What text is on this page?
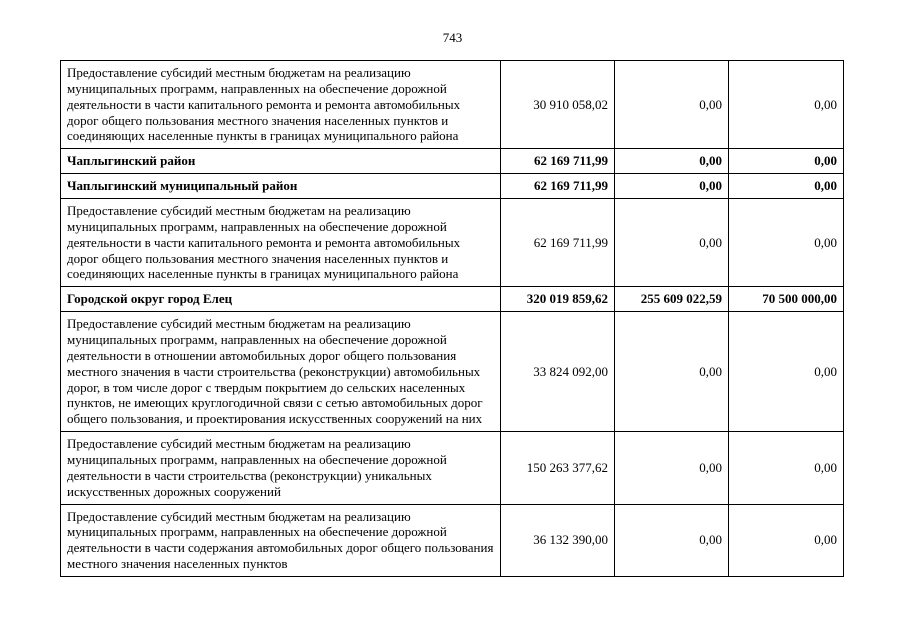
743
Предоставление субсидий местным бюджетам на реализацию муниципальных программ, направленных на обеспечение дорожной деятельности в части капитального ремонта и ремонта автомобильных дорог общего пользования местного значения населенных пунктов и соединяющих населенные пункты в границах муниципального района	30 910 058,02	0,00	0,00
Чаплыгинский район	62 169 711,99	0,00	0,00
Чаплыгинский муниципальный район	62 169 711,99	0,00	0,00
Предоставление субсидий местным бюджетам на реализацию муниципальных программ, направленных на обеспечение дорожной деятельности в части капитального ремонта и ремонта автомобильных дорог общего пользования местного значения населенных пунктов и соединяющих населенные пункты в границах муниципального района	62 169 711,99	0,00	0,00
Городской округ город Елец	320 019 859,62	255 609 022,59	70 500 000,00
Предоставление субсидий местным бюджетам на реализацию муниципальных программ, направленных на обеспечение дорожной деятельности в отношении автомобильных дорог общего пользования местного значения в части строительства (реконструкции) автомобильных дорог, в том числе дорог с твердым покрытием до сельских населенных пунктов, не имеющих круглогодичной связи с сетью автомобильных дорог общего пользования, и проектирования искусственных сооружений на них	33 824 092,00	0,00	0,00
Предоставление субсидий местным бюджетам на реализацию муниципальных программ, направленных на обеспечение дорожной деятельности в части строительства (реконструкции) уникальных искусственных дорожных сооружений	150 263 377,62	0,00	0,00
Предоставление субсидий местным бюджетам на реализацию муниципальных программ, направленных на обеспечение дорожной деятельности в части содержания автомобильных дорог общего пользования местного значения населенных пунктов	36 132 390,00	0,00	0,00
